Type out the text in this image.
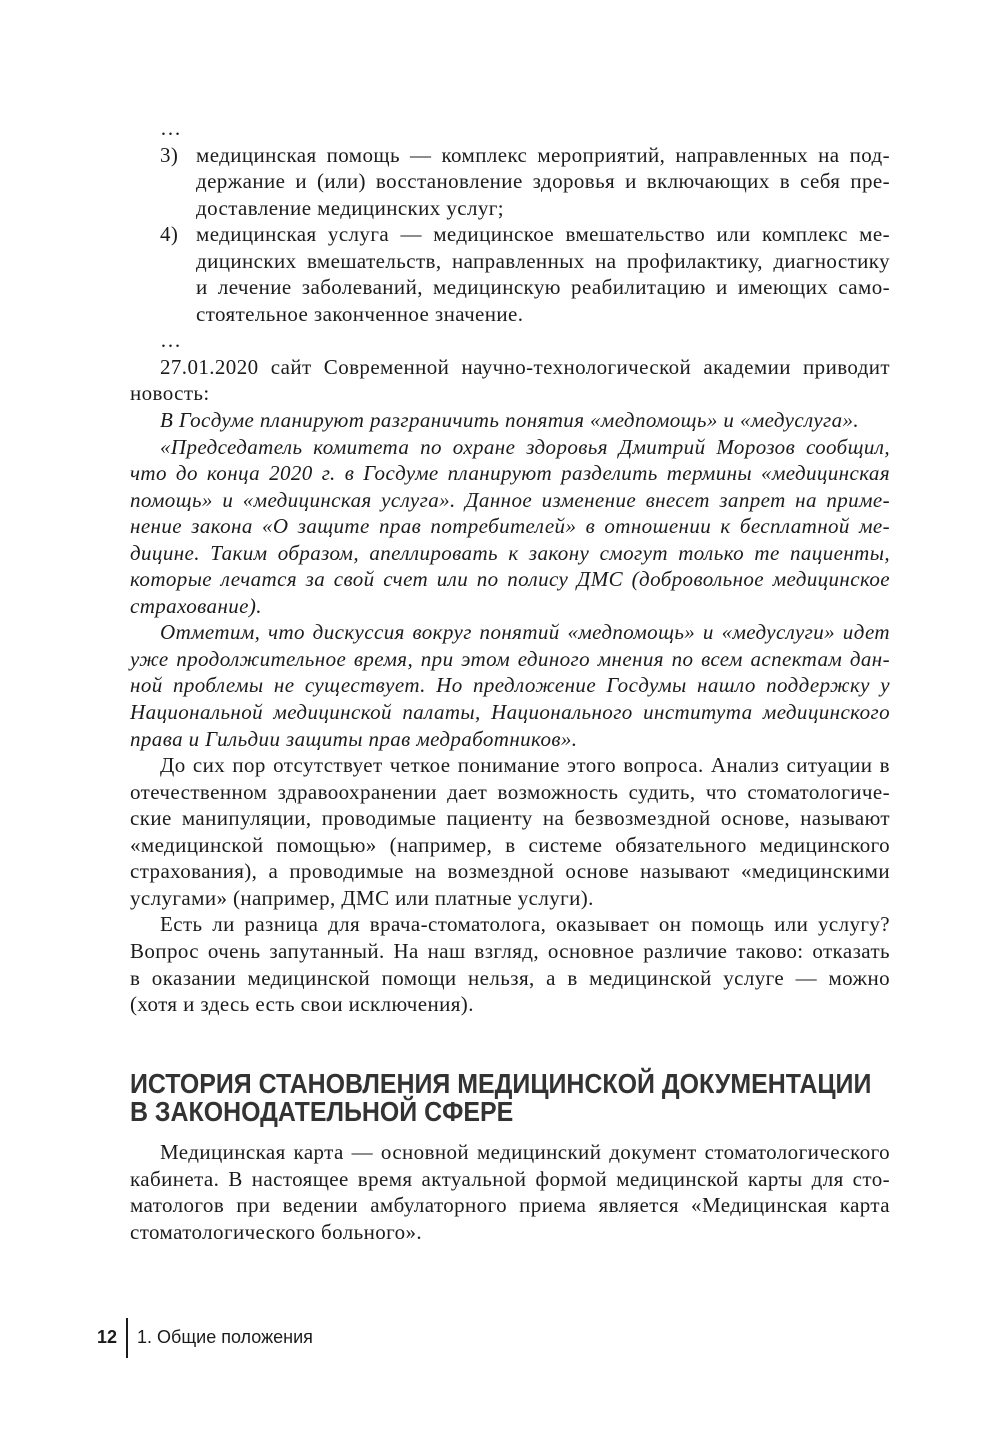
…
3) медицинская помощь — комплекс мероприятий, направленных на под-
держание и (или) восстановление здоровья и включающих в себя пре-
доставление медицинских услуг;
4) медицинская услуга — медицинское вмешательство или комплекс ме-
дицинских вмешательств, направленных на профилактику, диагностику
и лечение заболеваний, медицинскую реабилитацию и имеющих само-
стоятельное законченное значение.
…
27.01.2020 сайт Современной научно-технологической академии приводит
новость:
В Госдуме планируют разграничить понятия «медпомощь» и «медуслуга».
«Председатель комитета по охране здоровья Дмитрий Морозов сообщил,
что до конца 2020 г. в Госдуме планируют разделить термины «медицинская
помощь» и «медицинская услуга». Данное изменение внесет запрет на приме-
нение закона «О защите прав потребителей» в отношении к бесплатной ме-
дицине. Таким образом, апеллировать к закону смогут только те пациенты,
которые лечатся за свой счет или по полису ДМС (добровольное медицинское
страхование).
Отметим, что дискуссия вокруг понятий «медпомощь» и «медуслуги» идет
уже продолжительное время, при этом единого мнения по всем аспектам дан-
ной проблемы не существует. Но предложение Госдумы нашло поддержку у
Национальной медицинской палаты, Национального института медицинского
права и Гильдии защиты прав медработников».
До сих пор отсутствует четкое понимание этого вопроса. Анализ ситуации в
отечественном здравоохранении дает возможность судить, что стоматологиче-
ские манипуляции, проводимые пациенту на безвозмездной основе, называют
«медицинской помощью» (например, в системе обязательного медицинского
страхования), а проводимые на возмездной основе называют «медицинскими
услугами» (например, ДМС или платные услуги).
Есть ли разница для врача-стоматолога, оказывает он помощь или услугу?
Вопрос очень запутанный. На наш взгляд, основное различие таково: отказать
в оказании медицинской помощи нельзя, а в медицинской услуге — можно
(хотя и здесь есть свои исключения).
ИСТОРИЯ СТАНОВЛЕНИЯ МЕДИЦИНСКОЙ ДОКУМЕНТАЦИИ
В ЗАКОНОДАТЕЛЬНОЙ СФЕРЕ
Медицинская карта — основной медицинский документ стоматологического
кабинета. В настоящее время актуальной формой медицинской карты для сто-
матологов при ведении амбулаторного приема является «Медицинская карта
стоматологического больного».
12 1. Общие положения
